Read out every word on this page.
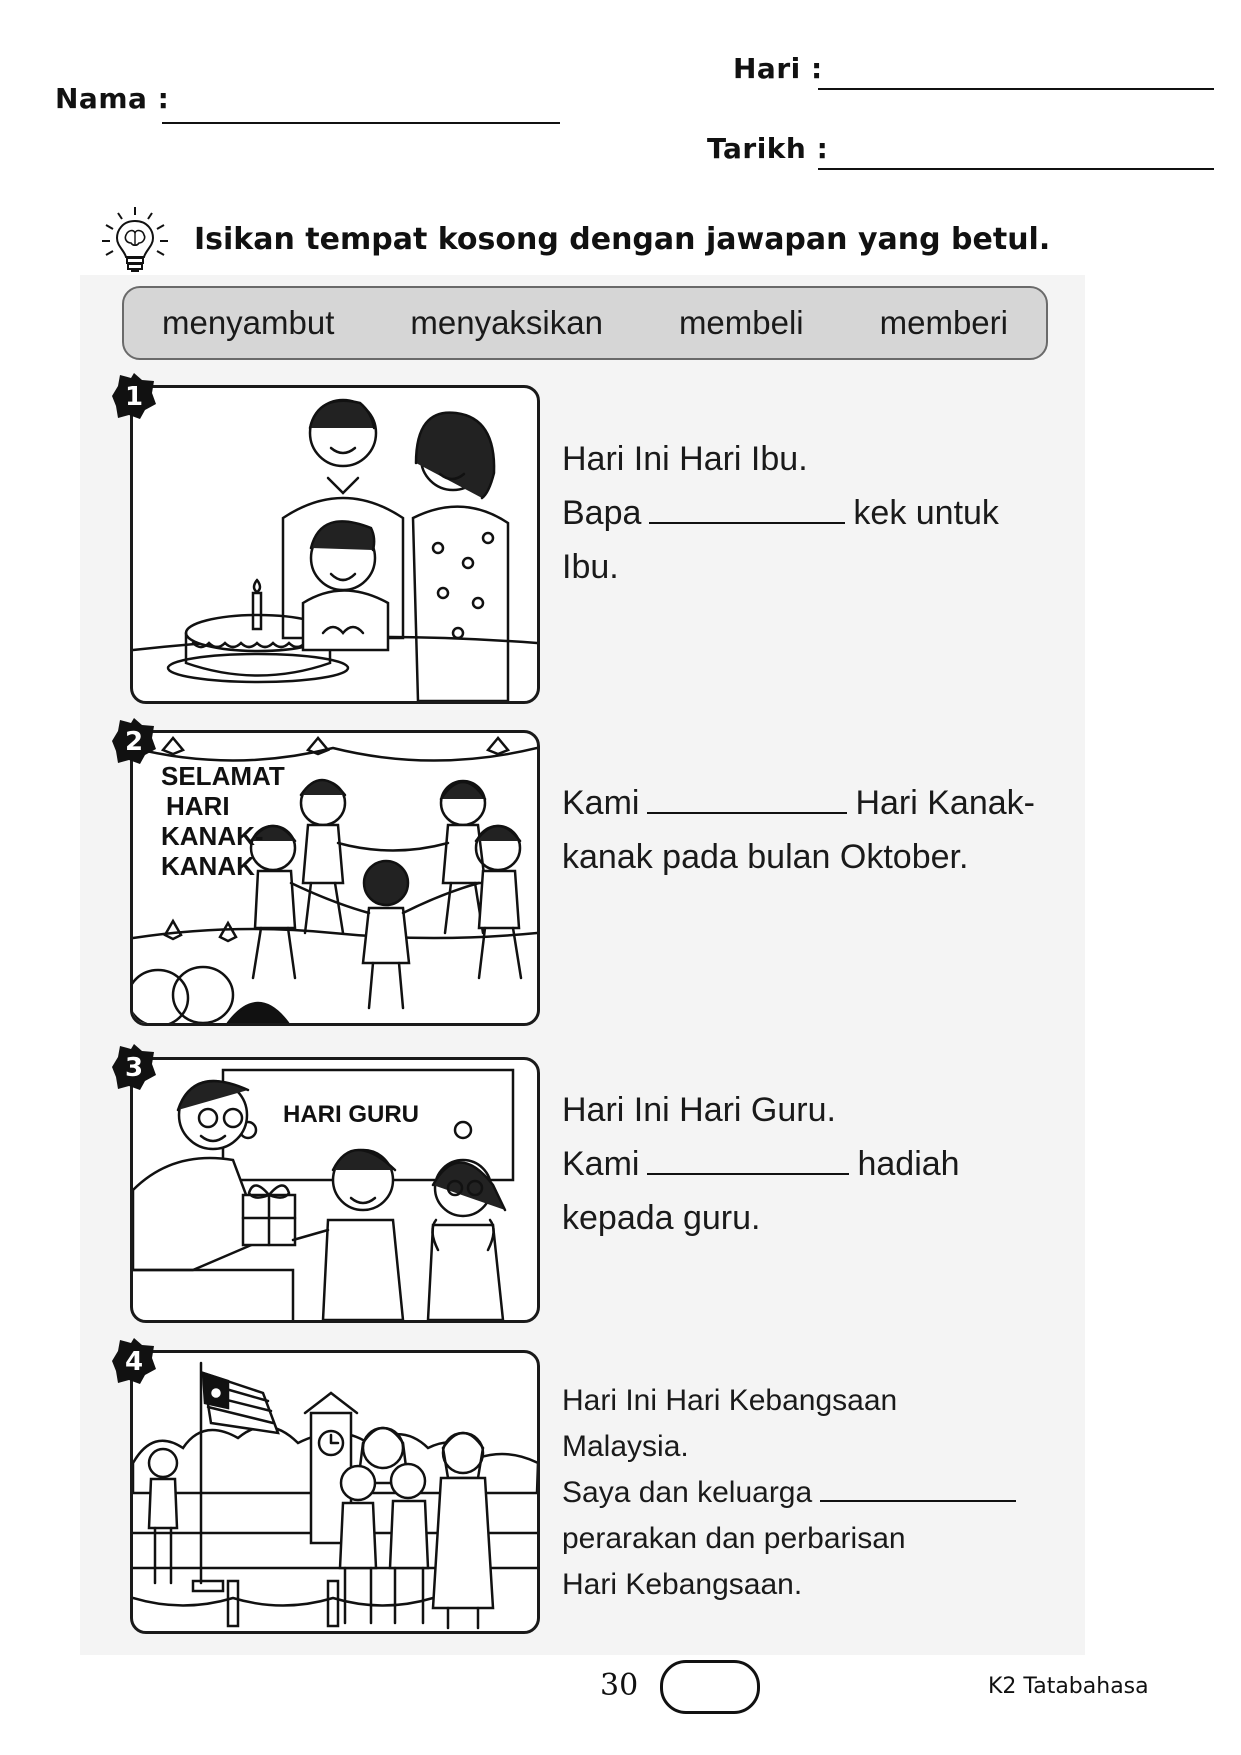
Hari :
Nama :
Tarikh :
Isikan tempat kosong dengan jawapan yang betul.
menyambut menyaksikan membeli memberi
1
Hari Ini Hari Ibu.
Bapa	kek untuk
Ibu.
SELAMAT
HARI
KANAK-
KANAK
2
Kami	Hari Kanak-
kanak pada bulan Oktober.
HARI GURU
3
Hari Ini Hari Guru.
Kami	hadiah
kepada guru.
4
Hari Ini Hari Kebangsaan
Malaysia.
Saya dan keluarga
perarakan dan perbarisan
Hari Kebangsaan.
30	K2 Tatabahasa
